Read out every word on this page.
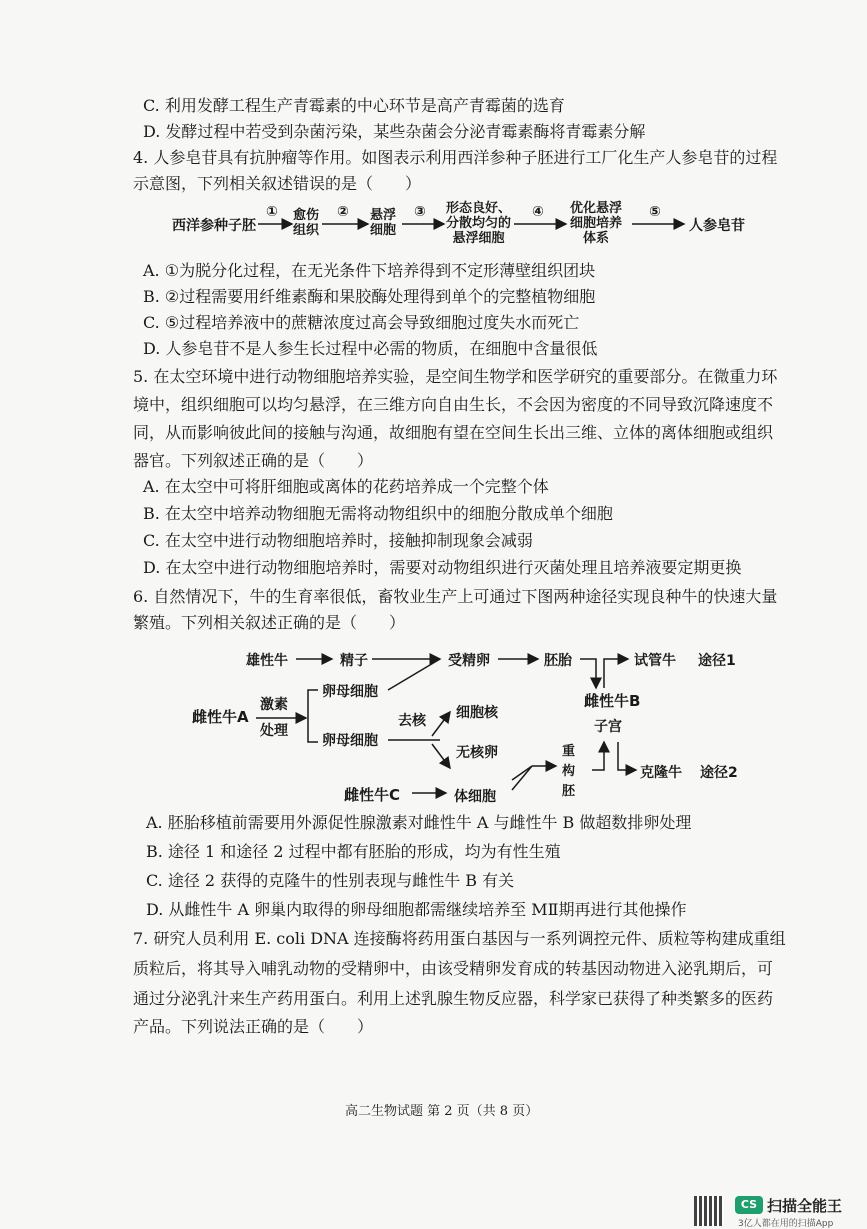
C. 利用发酵工程生产青霉素的中心环节是高产青霉菌的选育
D. 发酵过程中若受到杂菌污染，某些杂菌会分泌青霉素酶将青霉素分解
4. 人参皂苷具有抗肿瘤等作用。如图表示利用西洋参种子胚进行工厂化生产人参皂苷的过程
示意图，下列相关叙述错误的是（　　）
西洋参种子胚
① 愈伤
组织
② 悬浮
细胞
③ 形态良好、
分散均匀的
悬浮细胞
④ 优化悬浮
细胞培养
体系
⑤
人参皂苷
A. ①为脱分化过程，在无光条件下培养得到不定形薄壁组织团块
B. ②过程需要用纤维素酶和果胶酶处理得到单个的完整植物细胞
C. ⑤过程培养液中的蔗糖浓度过高会导致细胞过度失水而死亡
D. 人参皂苷不是人参生长过程中必需的物质，在细胞中含量很低
5. 在太空环境中进行动物细胞培养实验，是空间生物学和医学研究的重要部分。在微重力环
境中，组织细胞可以均匀悬浮，在三维方向自由生长，不会因为密度的不同导致沉降速度不
同，从而影响彼此间的接触与沟通，故细胞有望在空间生长出三维、立体的离体细胞或组织
器官。下列叙述正确的是（　　）
A. 在太空中可将肝细胞或离体的花药培养成一个完整个体
B. 在太空中培养动物细胞无需将动物组织中的细胞分散成单个细胞
C. 在太空中进行动物细胞培养时，接触抑制现象会减弱
D. 在太空中进行动物细胞培养时，需要对动物组织进行灭菌处理且培养液要定期更换
6. 自然情况下，牛的生育率很低，畜牧业生产上可通过下图两种途径实现良种牛的快速大量
繁殖。下列相关叙述正确的是（　　）
雄性牛	精子	受精卵	胚胎	试管牛 途径1
雌性牛A
激素
处理
卵母细胞
卵母细胞
去核 细胞核
无核卵
雌性牛B
子宫
重
构
胚
克隆牛 途径2
雌性牛C	体细胞
A. 胚胎移植前需要用外源促性腺激素对雌性牛 A 与雌性牛 B 做超数排卵处理
B. 途径 1 和途径 2 过程中都有胚胎的形成，均为有性生殖
C. 途径 2 获得的克隆牛的性别表现与雌性牛 B 有关
D. 从雌性牛 A 卵巢内取得的卵母细胞都需继续培养至 MⅡ期再进行其他操作
7. 研究人员利用 E. coli DNA 连接酶将药用蛋白基因与一系列调控元件、质粒等构建成重组
质粒后，将其导入哺乳动物的受精卵中，由该受精卵发育成的转基因动物进入泌乳期后，可
通过分泌乳汁来生产药用蛋白。利用上述乳腺生物反应器，科学家已获得了种类繁多的医药
产品。下列说法正确的是（　　）
高二生物试题 第 2 页（共 8 页）
CS 扫描全能王
3亿人都在用的扫描App
